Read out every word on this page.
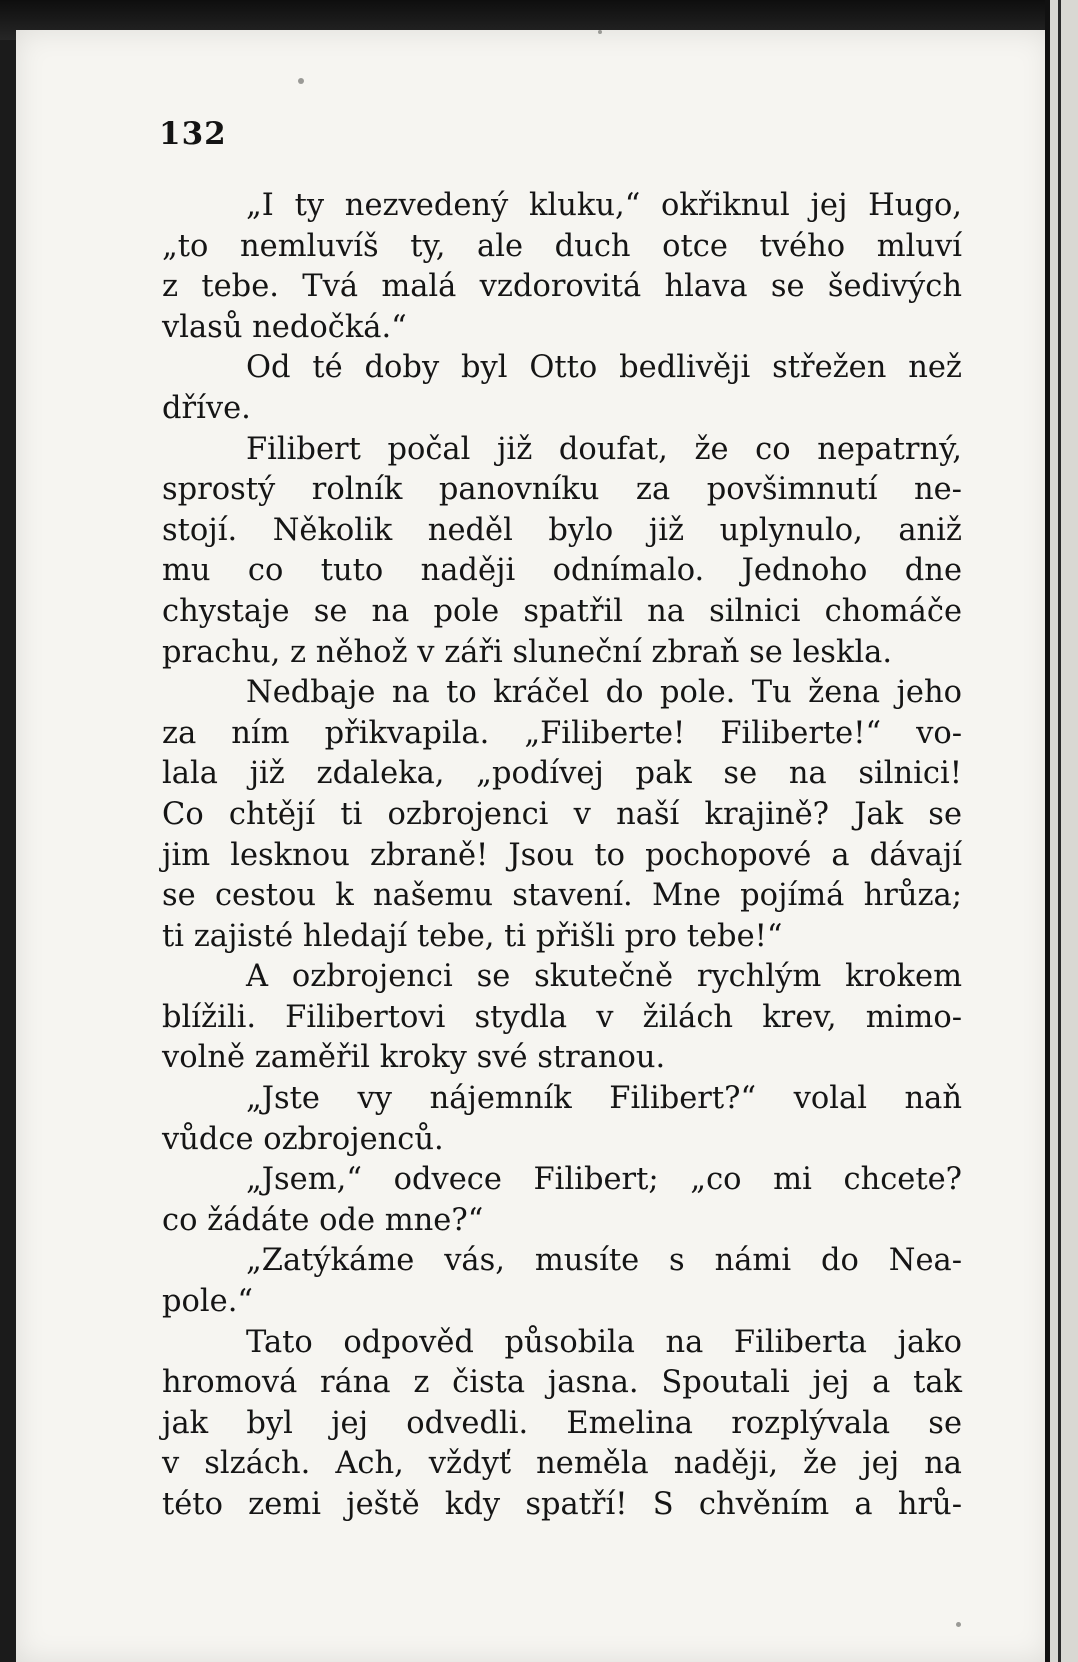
132
„I ty nezvedený kluku,“ okřiknul jej Hugo,
„to nemluvíš ty, ale duch otce tvého mluví
z tebe. Tvá malá vzdorovitá hlava se šedivých
vlasů nedočká.“
Od té doby byl Otto bedlivěji střežen než
dříve.
Filibert počal již doufat, že co nepatrný,
sprostý rolník panovníku za povšimnutí ne-
stojí. Několik neděl bylo již uplynulo, aniž
mu co tuto naději odnímalo. Jednoho dne
chystaje se na pole spatřil na silnici chomáče
prachu, z něhož v záři sluneční zbraň se leskla.
Nedbaje na to kráčel do pole. Tu žena jeho
za ním přikvapila. „Filiberte! Filiberte!“ vo-
lala již zdaleka, „podívej pak se na silnici!
Co chtějí ti ozbrojenci v naší krajině? Jak se
jim lesknou zbraně! Jsou to pochopové a dávají
se cestou k našemu stavení. Mne pojímá hrůza;
ti zajisté hledají tebe, ti přišli pro tebe!“
A ozbrojenci se skutečně rychlým krokem
blížili. Filibertovi stydla v žilách krev, mimo-
volně zaměřil kroky své stranou.
„Jste vy nájemník Filibert?“ volal naň
vůdce ozbrojenců.
„Jsem,“ odvece Filibert; „co mi chcete?
co žádáte ode mne?“
„Zatýkáme vás, musíte s námi do Nea-
pole.“
Tato odpověd působila na Filiberta jako
hromová rána z čista jasna. Spoutali jej a tak
jak byl jej odvedli. Emelina rozplývala se
v slzách. Ach, vždyť neměla naději, že jej na
této zemi ještě kdy spatří! S chvěním a hrů-
